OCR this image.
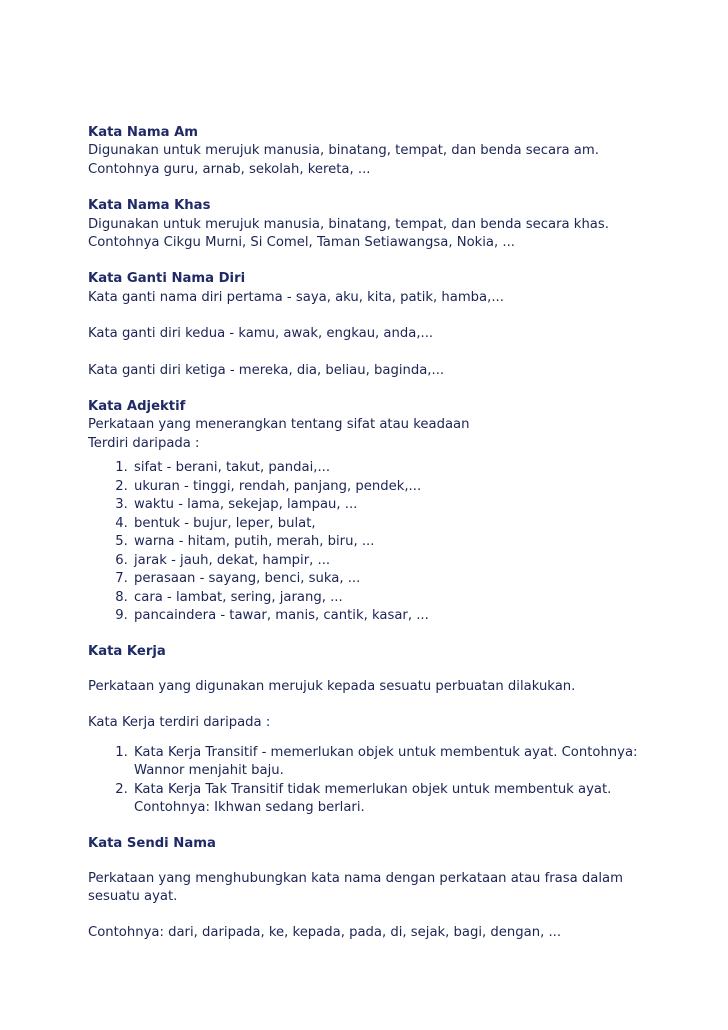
Kata Nama Am
Digunakan untuk merujuk manusia, binatang, tempat, dan benda secara am.
Contohnya guru, arnab, sekolah, kereta, ...
Kata Nama Khas
Digunakan untuk merujuk manusia, binatang, tempat, dan benda secara khas.
Contohnya Cikgu Murni, Si Comel, Taman Setiawangsa, Nokia, ...
Kata Ganti Nama Diri
Kata ganti nama diri pertama - saya, aku, kita, patik, hamba,...
Kata ganti diri kedua - kamu, awak, engkau, anda,...
Kata ganti diri ketiga - mereka, dia, beliau, baginda,...
Kata Adjektif
Perkataan yang menerangkan tentang sifat atau keadaan
Terdiri daripada :
1. sifat - berani, takut, pandai,...
2. ukuran - tinggi, rendah, panjang, pendek,...
3. waktu - lama, sekejap, lampau, ...
4. bentuk - bujur, leper, bulat,
5. warna - hitam, putih, merah, biru, ...
6. jarak - jauh, dekat, hampir, ...
7. perasaan - sayang, benci, suka, ...
8. cara - lambat, sering, jarang, ...
9. pancaindera - tawar, manis, cantik, kasar, ...
Kata Kerja
Perkataan yang digunakan merujuk kepada sesuatu perbuatan dilakukan.
Kata Kerja terdiri daripada :
1. Kata Kerja Transitif - memerlukan objek untuk membentuk ayat. Contohnya: Wannor menjahit baju.
2. Kata Kerja Tak Transitif tidak memerlukan objek untuk membentuk ayat. Contohnya: Ikhwan sedang berlari.
Kata Sendi Nama
Perkataan yang menghubungkan kata nama dengan perkataan atau frasa dalam sesuatu ayat.
Contohnya: dari, daripada, ke, kepada, pada, di, sejak, bagi, dengan, ...
